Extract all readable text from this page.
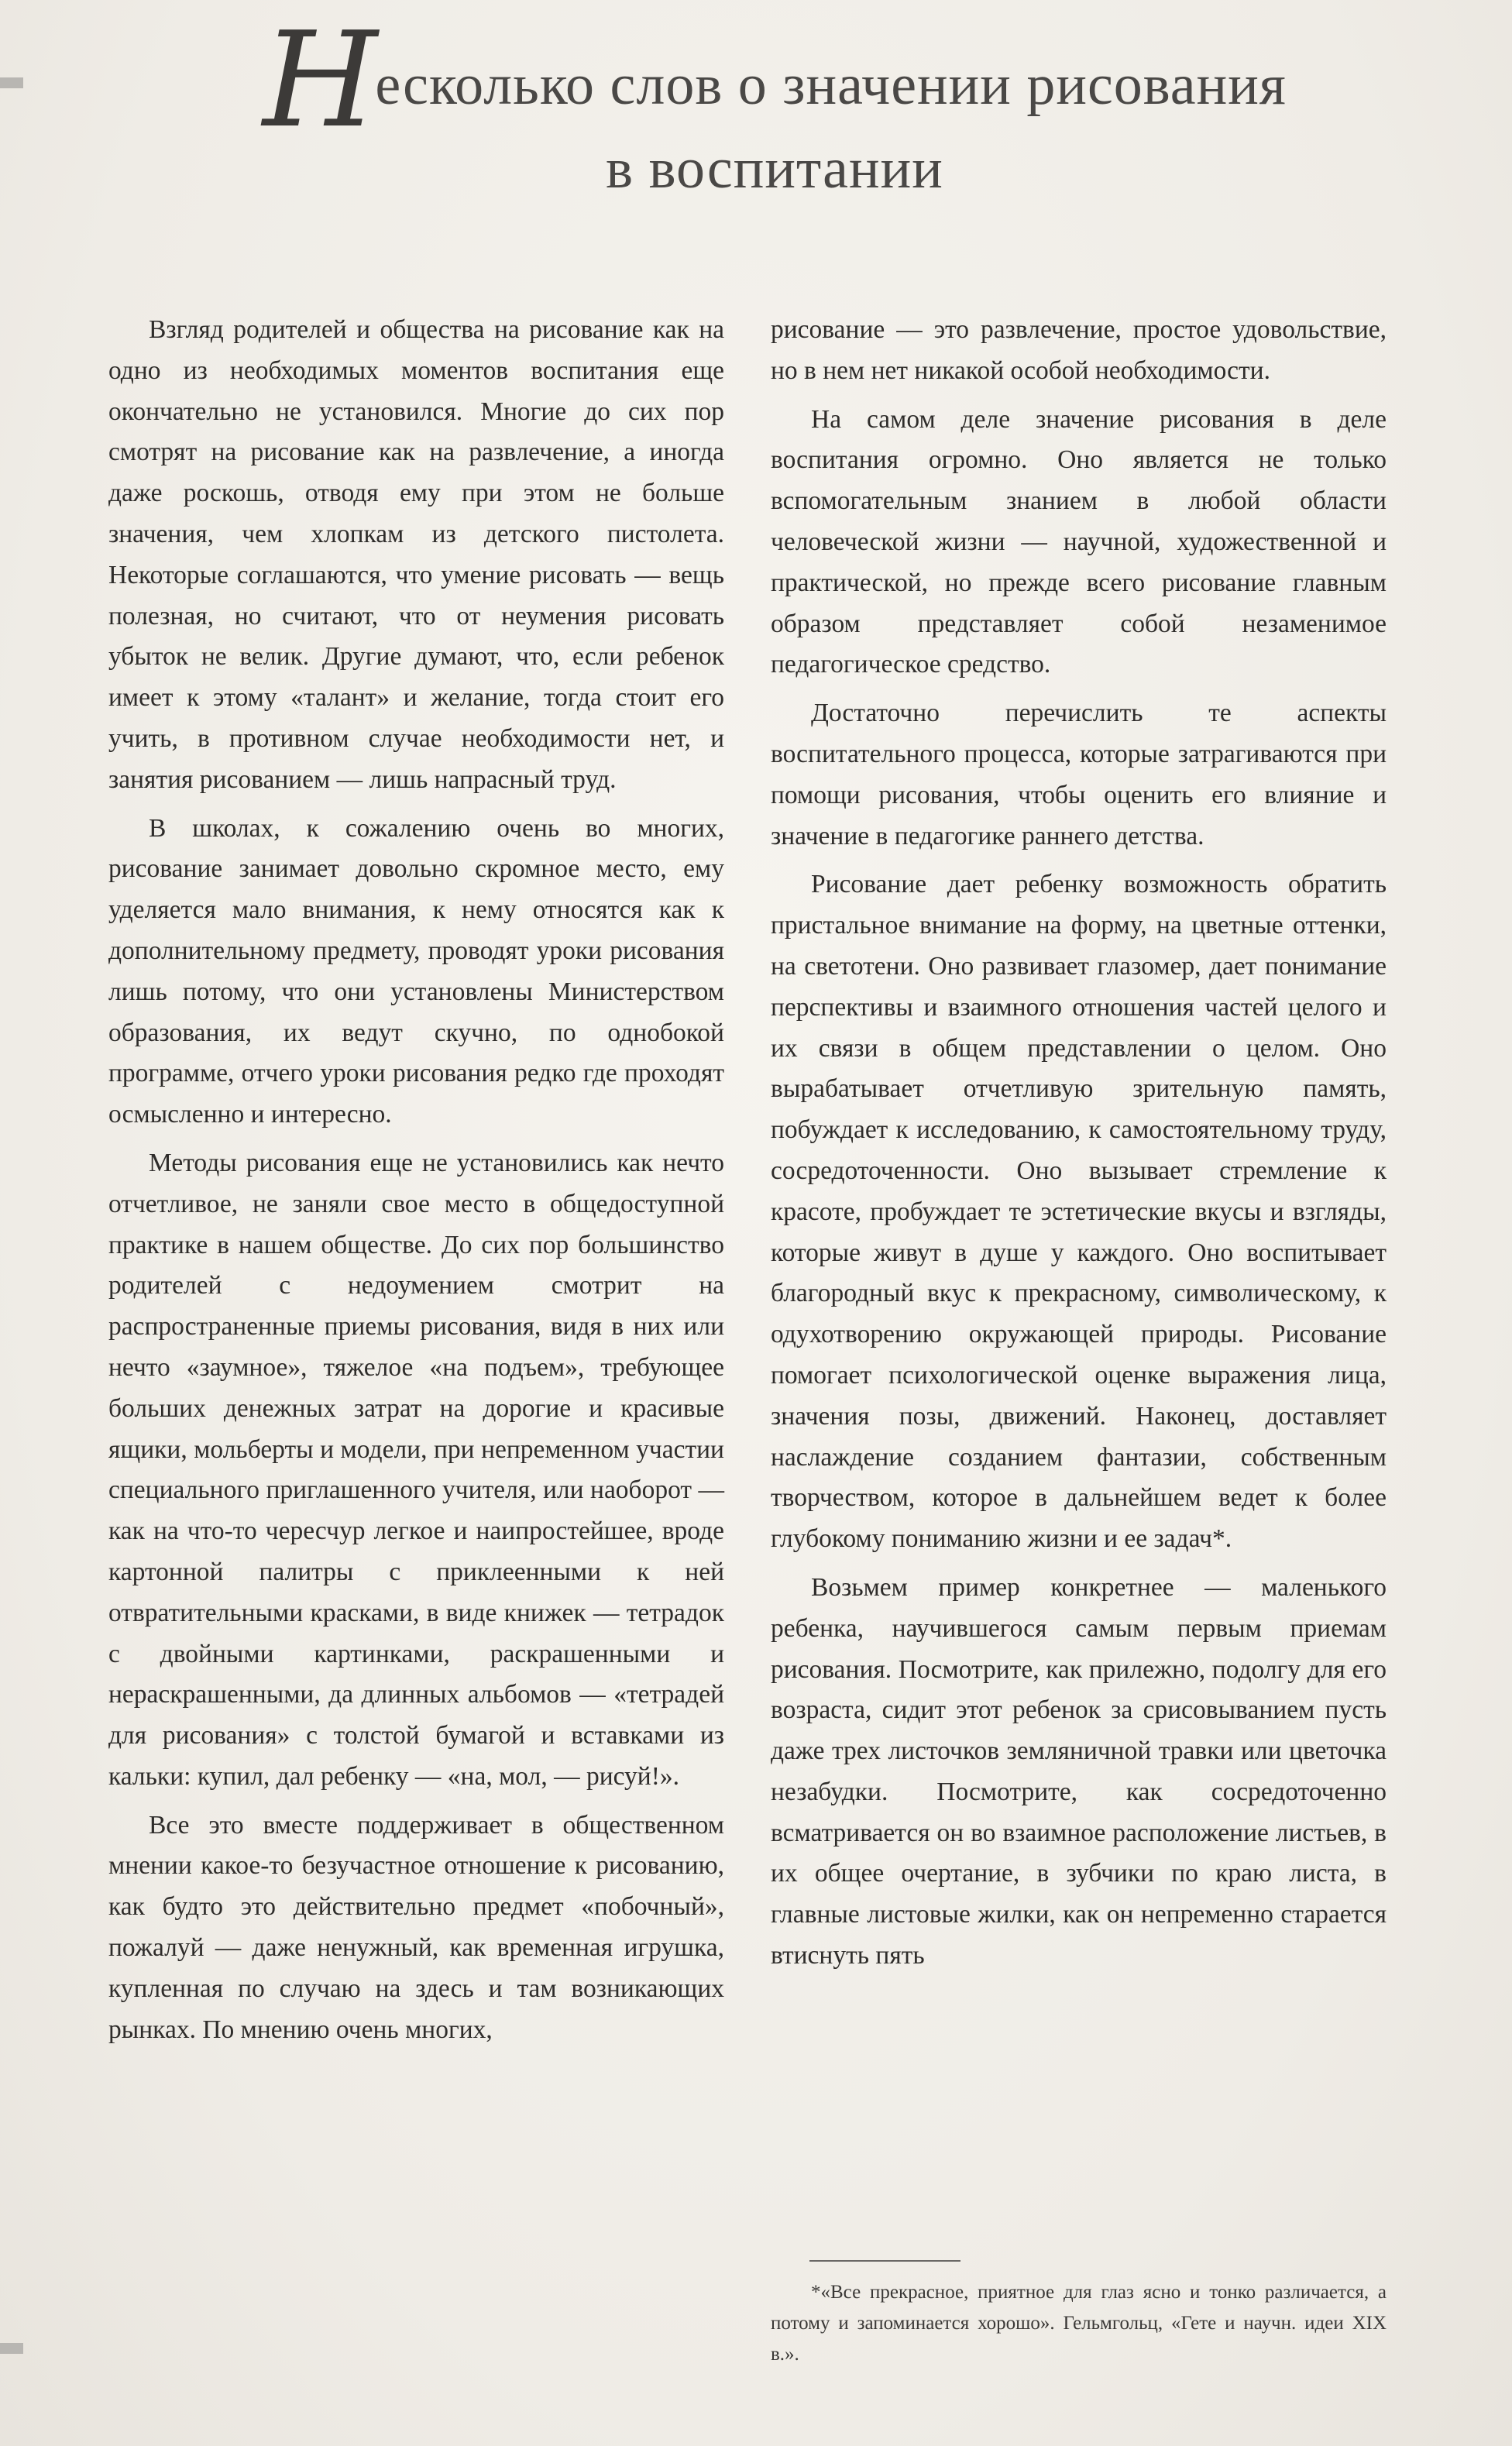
Несколько слов о значении рисования
в воспитании

Взгляд родителей и общества на рисование как на одно из необходимых моментов воспитания еще окончательно не установился. Многие до сих пор смотрят на рисование как на развлечение, а иногда даже роскошь, отводя ему при этом не больше значения, чем хлопкам из детского пистолета. Некоторые соглашаются, что умение рисовать — вещь полезная, но считают, что от неумения рисовать убыток не велик. Другие думают, что, если ребенок имеет к этому «талант» и желание, тогда стоит его учить, в противном случае необходимости нет, и занятия рисованием — лишь напрасный труд.

В школах, к сожалению очень во многих, рисование занимает довольно скромное место, ему уделяется мало внимания, к нему относятся как к дополнительному предмету, проводят уроки рисования лишь потому, что они установлены Министерством образования, их ведут скучно, по однобокой программе, отчего уроки рисования редко где проходят осмысленно и интересно.

Методы рисования еще не установились как нечто отчетливое, не заняли свое место в общедоступной практике в нашем обществе. До сих пор большинство родителей с недоумением смотрит на распространенные приемы рисования, видя в них или нечто «заумное», тяжелое «на подъем», требующее больших денежных затрат на дорогие и красивые ящики, мольберты и модели, при непременном участии специального приглашенного учителя, или наоборот — как на что-то чересчур легкое и наипростейшее, вроде картонной палитры с приклеенными к ней отвратительными красками, в виде книжек — тетрадок с двойными картинками, раскрашенными и нераскрашенными, да длинных альбомов — «тетрадей для рисования» с толстой бумагой и вставками из кальки: купил, дал ребенку — «на, мол, — рисуй!».

Все это вместе поддерживает в общественном мнении какое-то безучастное отношение к рисованию, как будто это действительно предмет «побочный», пожалуй — даже ненужный, как временная игрушка, купленная по случаю на здесь и там возникающих рынках. По мнению очень многих,

рисование — это развлечение, простое удовольствие, но в нем нет никакой особой необходимости.

На самом деле значение рисования в деле воспитания огромно. Оно является не только вспомогательным знанием в любой области человеческой жизни — научной, художественной и практической, но прежде всего рисование главным образом представляет собой незаменимое педагогическое средство.

Достаточно перечислить те аспекты воспитательного процесса, которые затрагиваются при помощи рисования, чтобы оценить его влияние и значение в педагогике раннего детства.

Рисование дает ребенку возможность обратить пристальное внимание на форму, на цветные оттенки, на светотени. Оно развивает глазомер, дает понимание перспективы и взаимного отношения частей целого и их связи в общем представлении о целом. Оно вырабатывает отчетливую зрительную память, побуждает к исследованию, к самостоятельному труду, сосредоточенности. Оно вызывает стремление к красоте, пробуждает те эстетические вкусы и взгляды, которые живут в душе у каждого. Оно воспитывает благородный вкус к прекрасному, символическому, к одухотворению окружающей природы. Рисование помогает психологической оценке выражения лица, значения позы, движений. Наконец, доставляет наслаждение созданием фантазии, собственным творчеством, которое в дальнейшем ведет к более глубокому пониманию жизни и ее задач*.

Возьмем пример конкретнее — маленького ребенка, научившегося самым первым приемам рисования. Посмотрите, как прилежно, подолгу для его возраста, сидит этот ребенок за срисовыванием пусть даже трех листочков земляничной травки или цветочка незабудки. Посмотрите, как сосредоточенно всматривается он во взаимное расположение листьев, в их общее очертание, в зубчики по краю листа, в главные листовые жилки, как он непременно старается втиснуть пять

*«Все прекрасное, приятное для глаз ясно и тонко различается, а потому и запоминается хорошо». Гельмгольц, «Гете и научн. идеи XIX в.».
